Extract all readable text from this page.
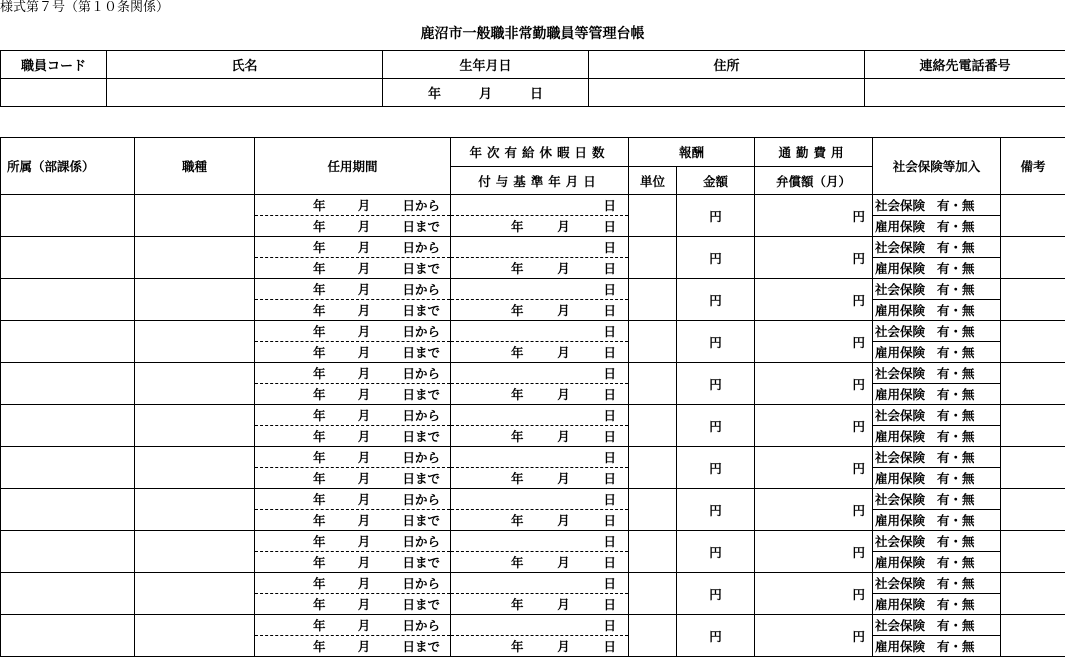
様式第７号（第１０条関係）
鹿沼市一般職非常勤職員等管理台帳
職員コード	氏名	生年月日	住所	連絡先電話番号

		年 月 日		

所属（部課係）	職種	任用期間	年次有給休暇日数	報酬		通勤費用	社会保険等加入	備考
			付与基準年月日	単位	金額	弁償額（月）		

		年 月 日から	日		円	円	社会保険 有・無	

		年 月 日まで	年 月 日				雇用保険 有・無	

		年 月 日から	日		円	円	社会保険 有・無	

		年 月 日まで	年 月 日				雇用保険 有・無	

		年 月 日から	日		円	円	社会保険 有・無	

		年 月 日まで	年 月 日				雇用保険 有・無	

		年 月 日から	日		円	円	社会保険 有・無	

		年 月 日まで	年 月 日				雇用保険 有・無	

		年 月 日から	日		円	円	社会保険 有・無	

		年 月 日まで	年 月 日				雇用保険 有・無	

		年 月 日から	日		円	円	社会保険 有・無	

		年 月 日まで	年 月 日				雇用保険 有・無	

		年 月 日から	日		円	円	社会保険 有・無	

		年 月 日まで	年 月 日				雇用保険 有・無	

		年 月 日から	日		円	円	社会保険 有・無	

		年 月 日まで	年 月 日				雇用保険 有・無	

		年 月 日から	日		円	円	社会保険 有・無	

		年 月 日まで	年 月 日				雇用保険 有・無	

		年 月 日から	日		円	円	社会保険 有・無	

		年 月 日まで	年 月 日				雇用保険 有・無	

		年 月 日から	日		円	円	社会保険 有・無	

		年 月 日まで	年 月 日				雇用保険 有・無	
